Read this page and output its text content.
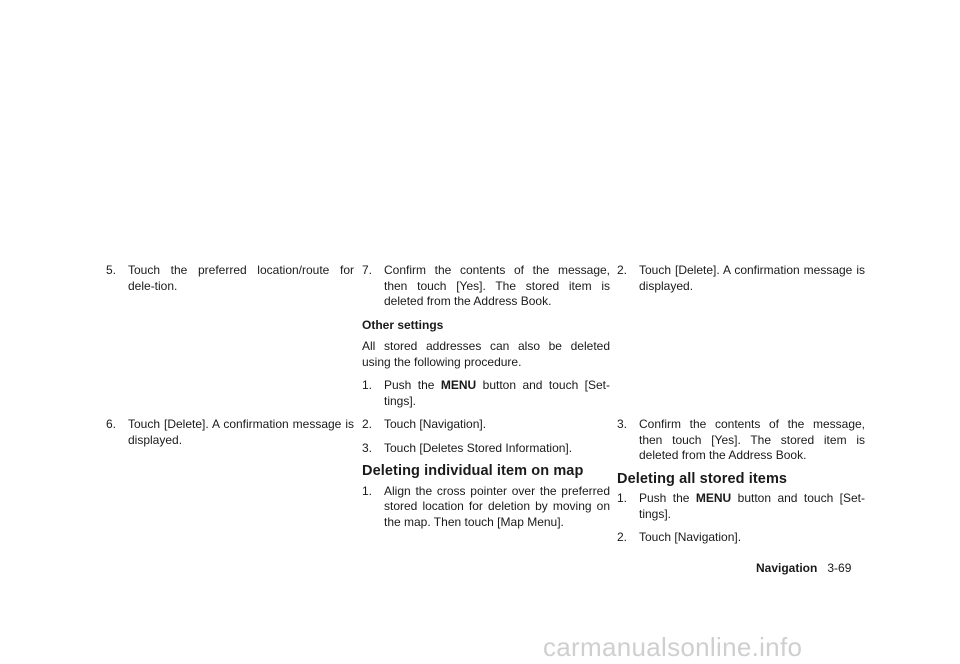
5. Touch the preferred location/route for dele-tion.
6. Touch [Delete]. A confirmation message is displayed.
7. Confirm the contents of the message, then touch [Yes]. The stored item is deleted from the Address Book.
Other settings
All stored addresses can also be deleted using the following procedure.
1. Push the MENU button and touch [Set-tings].
2. Touch [Navigation].
3. Touch [Deletes Stored Information].
Deleting individual item on map
1. Align the cross pointer over the preferred stored location for deletion by moving on the map. Then touch [Map Menu].
2. Touch [Delete]. A confirmation message is displayed.
3. Confirm the contents of the message, then touch [Yes]. The stored item is deleted from the Address Book.
Deleting all stored items
1. Push the MENU button and touch [Set-tings].
2. Touch [Navigation].
Navigation 3-69
carmanualsonline.info
